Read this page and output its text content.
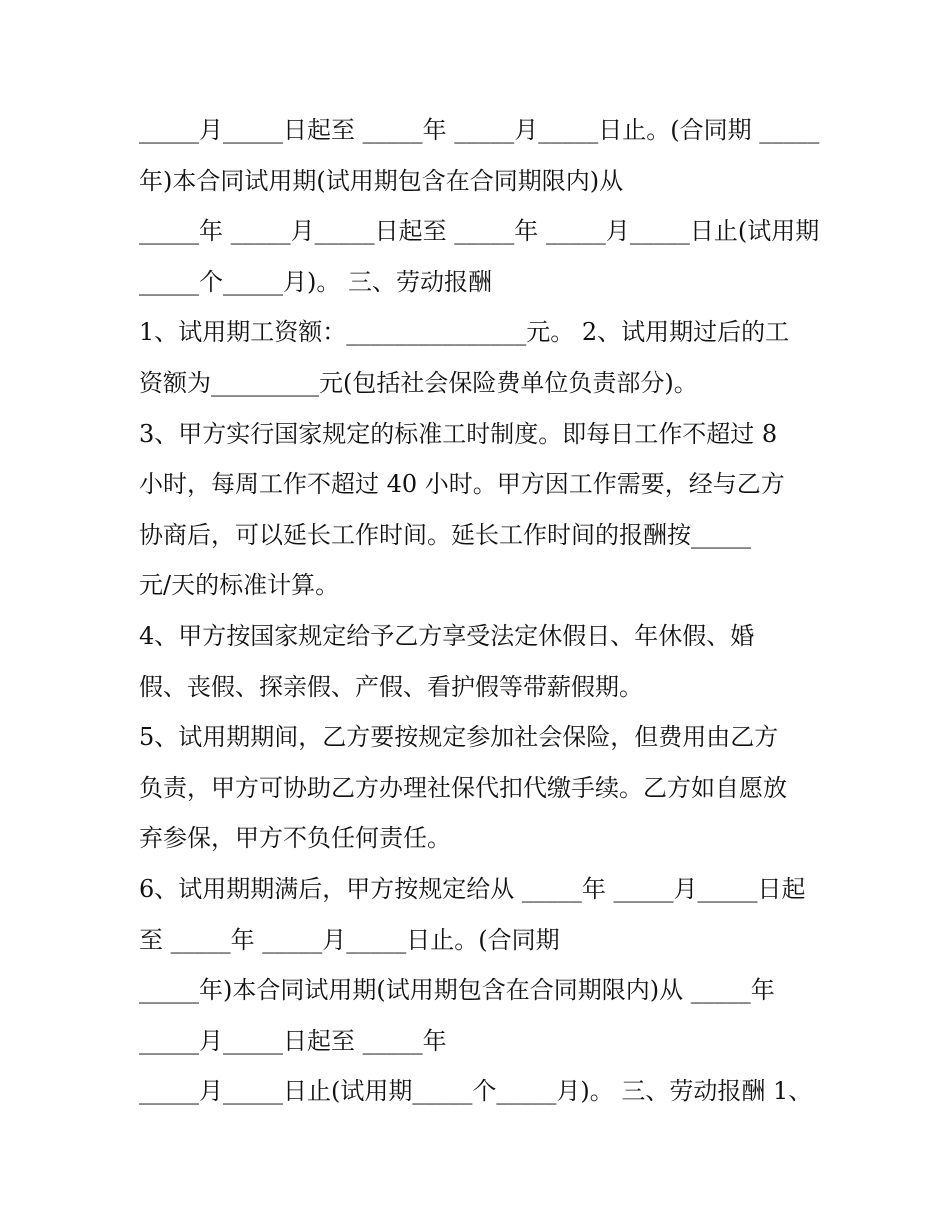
_____月_____日起至 _____年 _____月_____日止。(合同期 _____
年)本合同试用期(试用期包含在合同期限内)从
_____年 _____月_____日起至 _____年 _____月_____日止(试用期
_____个_____月)。 三、劳动报酬
1、试用期工资额：_______________元。 2、试用期过后的工
资额为_________元(包括社会保险费单位负责部分)。
3、甲方实行国家规定的标准工时制度。即每日工作不超过 8
小时，每周工作不超过 40 小时。甲方因工作需要，经与乙方
协商后，可以延长工作时间。延长工作时间的报酬按_____
元/天的标准计算。
4、甲方按国家规定给予乙方享受法定休假日、年休假、婚
假、丧假、探亲假、产假、看护假等带薪假期。
5、试用期期间，乙方要按规定参加社会保险，但费用由乙方
负责，甲方可协助乙方办理社保代扣代缴手续。乙方如自愿放
弃参保，甲方不负任何责任。
6、试用期期满后，甲方按规定给从 _____年 _____月_____日起
至 _____年 _____月_____日止。(合同期
_____年)本合同试用期(试用期包含在合同期限内)从 _____年
_____月_____日起至 _____年
_____月_____日止(试用期_____个_____月)。 三、劳动报酬 1、
